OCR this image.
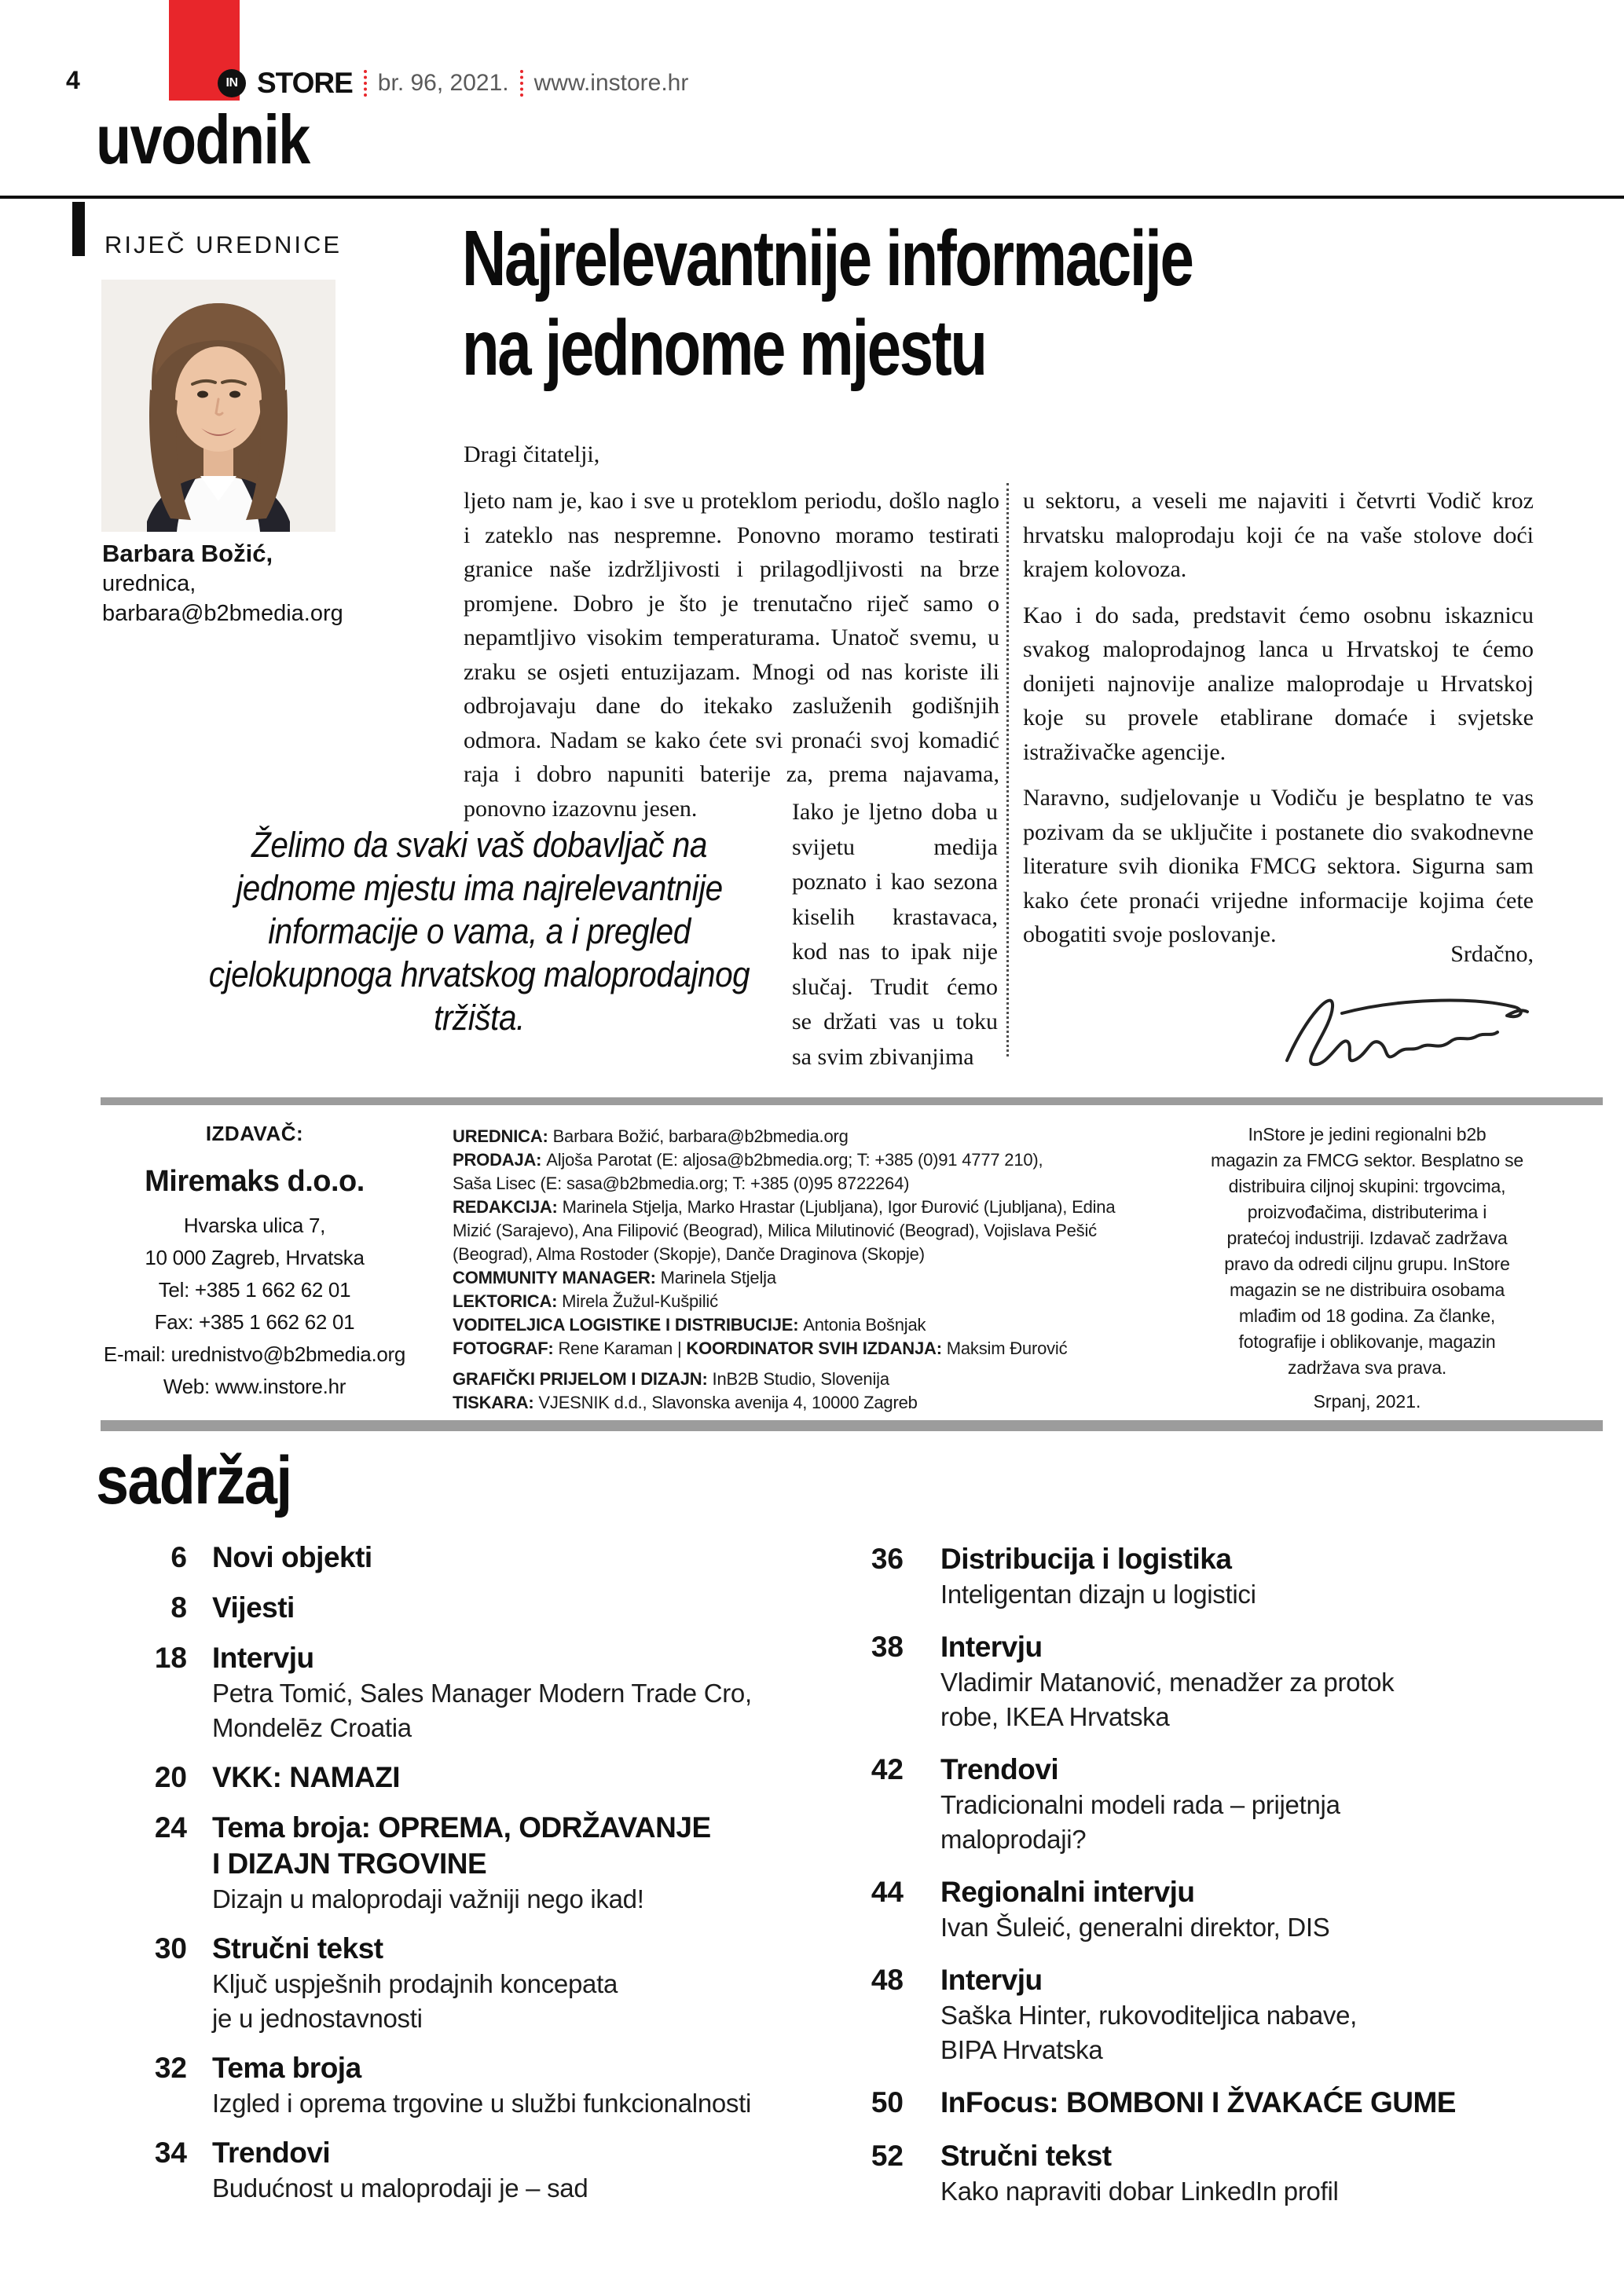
4	IN STORE br. 96, 2021. www.instore.hr
uvodnik
RIJEČ UREDNICE
Barbara Božić,
urednica,
barbara@b2bmedia.org
Najrelevantnije informacije
na jednome mjestu
Dragi čitatelji,
ljeto nam je, kao i sve u proteklom periodu, došlo naglo i zateklo nas nespremne. Ponovno moramo testirati granice naše izdržljivosti i prilagodljivosti na brze promjene. Dobro je što je trenutačno riječ samo o nepamtljivo visokim temperaturama. Unatoč svemu, u zraku se osjeti entuzijazam. Mnogi od nas koriste ili odbrojavaju dane do itekako zasluženih godišnjih odmora. Nadam se kako ćete svi pronaći svoj komadić raja i dobro napuniti baterije za, prema najavama, ponovno izazovnu jesen.
Želimo da svaki vaš dobavljač na
jednome mjestu ima najrelevantnije
informacije o vama, a i pregled
cjelokupnoga hrvatskog maloprodajnog
tržišta.
Iako je ljetno doba u svijetu medija poznato i kao sezona kiselih krastavaca, kod nas to ipak nije slučaj. Trudit ćemo se držati vas u toku sa svim zbivanjima

u sektoru, a veseli me najaviti i četvrti Vodič kroz hrvatsku maloprodaju koji će na vaše stolove doći krajem kolovoza.

Kao i do sada, predstavit ćemo osobnu iskaznicu svakog maloprodajnog lanca u Hrvatskoj te ćemo donijeti najnovije analize maloprodaje u Hrvatskoj koje su provele etablirane domaće i svjetske istraživačke agencije.

Naravno, sudjelovanje u Vodiču je besplatno te vas pozivam da se uključite i postanete dio svakodnevne literature svih dionika FMCG sektora. Sigurna sam kako ćete pronaći vrijedne informacije kojima ćete obogatiti svoje poslovanje.

Srdačno,
IZDAVAČ:
Miremaks d.o.o.
Hvarska ulica 7,
10 000 Zagreb, Hrvatska
Tel: +385 1 662 62 01
Fax: +385 1 662 62 01
E-mail: urednistvo@b2bmedia.org
Web: www.instore.hr
UREDNICA: Barbara Božić, barbara@b2bmedia.org
PRODAJA: Aljoša Parotat (E: aljosa@b2bmedia.org; T: +385 (0)91 4777 210),
Saša Lisec (E: sasa@b2bmedia.org; T: +385 (0)95 8722264)
REDAKCIJA: Marinela Stjelja, Marko Hrastar (Ljubljana), Igor Đurović (Ljubljana), Edina
Mizić (Sarajevo), Ana Filipović (Beograd), Milica Milutinović (Beograd), Vojislava Pešić
(Beograd), Alma Rostoder (Skopje), Danče Draginova (Skopje)
COMMUNITY MANAGER: Marinela Stjelja
LEKTORICA: Mirela Žužul-Kušpilić
VODITELJICA LOGISTIKE I DISTRIBUCIJE: Antonia Bošnjak
FOTOGRAF: Rene Karaman | KOORDINATOR SVIH IZDANJA: Maksim Đurović
GRAFIČKI PRIJELOM I DIZAJN: InB2B Studio, Slovenija
TISKARA: VJESNIK d.d., Slavonska avenija 4, 10000 Zagreb
InStore je jedini regionalni b2b
magazin za FMCG sektor. Besplatno se
distribuira ciljnoj skupini: trgovcima,
proizvođačima, distributerima i
pratećoj industriji. Izdavač zadržava
pravo da odredi ciljnu grupu. InStore
magazin se ne distribuira osobama
mlađim od 18 godina. Za članke,
fotografije i oblikovanje, magazin
zadržava sva prava.
Srpanj, 2021.
sadržaj
6 Novi objekti
8 Vijesti
18 Intervju
Petra Tomić, Sales Manager Modern Trade Cro,
Mondelēz Croatia
20 VKK: NAMAZI
24 Tema broja: OPREMA, ODRŽAVANJE
I DIZAJN TRGOVINE
Dizajn u maloprodaji važniji nego ikad!
30 Stručni tekst
Ključ uspješnih prodajnih koncepata
je u jednostavnosti
32 Tema broja
Izgled i oprema trgovine u službi funkcionalnosti
34 Trendovi
Budućnost u maloprodaji je – sad
36 Distribucija i logistika
Inteligentan dizajn u logistici
38 Intervju
Vladimir Matanović, menadžer za protok
robe, IKEA Hrvatska
42 Trendovi
Tradicionalni modeli rada – prijetnja
maloprodaji?
44 Regionalni intervju
Ivan Šuleić, generalni direktor, DIS
48 Intervju
Saška Hinter, rukovoditeljica nabave,
BIPA Hrvatska
50 InFocus: BOMBONI I ŽVAKAĆE GUME
52 Stručni tekst
Kako napraviti dobar LinkedIn profil
